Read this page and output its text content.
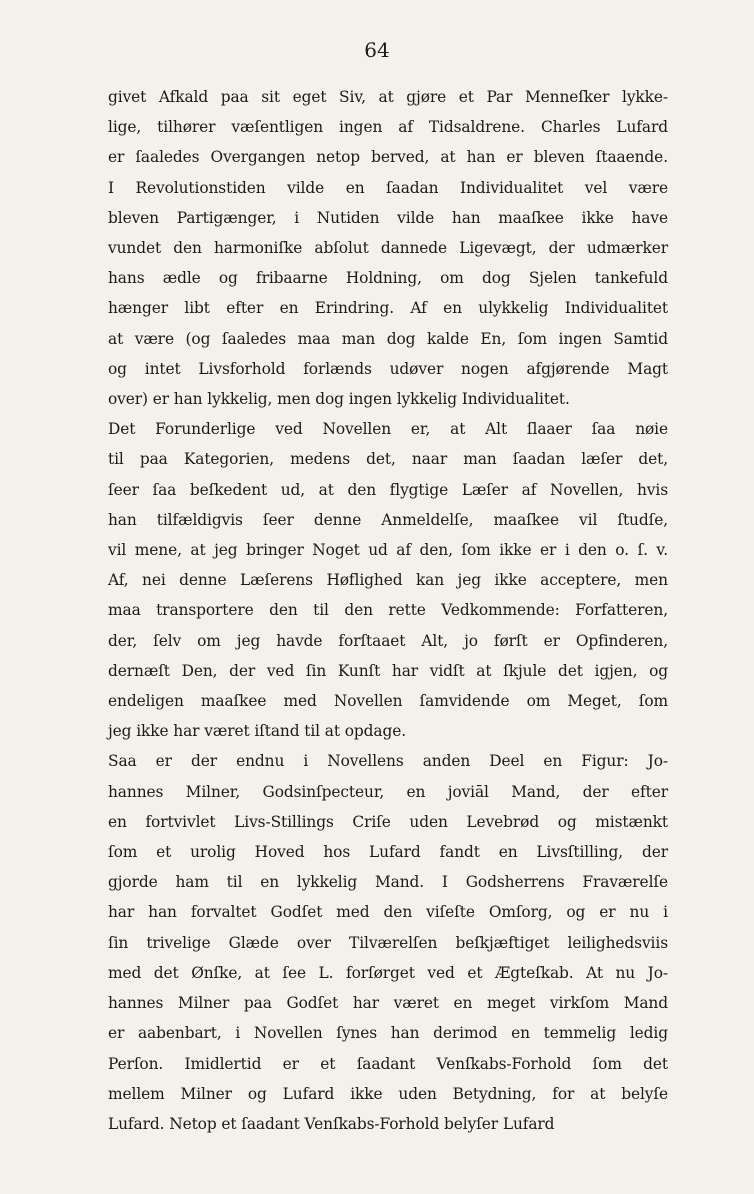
64
givet Afkald paa sit eget Siv, at gjøre et Par Menneſker lykke-
lige, tilhører væſentligen ingen af Tidsaldrene. Charles Lufard
er ſaaledes Overgangen netop berved, at han er bleven ſtaaende.
I Revolutionstiden vilde en ſaadan Individualitet vel være
bleven Partigænger, i Nutiden vilde han maaſkee ikke have
vundet den harmoniſke abſolut dannede Ligevægt, der udmærker
hans ædle og fribaarne Holdning, om dog Sjelen tankefuld
hænger libt efter en Erindring. Af en ulykkelig Individualitet
at være (og ſaaledes maa man dog kalde En, ſom ingen Samtid
og intet Livsforhold forlænds udøver nogen afgjørende Magt
over) er han lykkelig, men dog ingen lykkelig Individualitet.
Det Forunderlige ved Novellen er, at Alt ſlaaer ſaa nøie
til paa Kategorien, medens det, naar man ſaadan læſer det,
ſeer ſaa beſkedent ud, at den flygtige Læſer af Novellen, hvis
han tilfældigvis ſeer denne Anmeldelſe, maaſkee vil ſtudſe,
vil mene, at jeg bringer Noget ud af den, ſom ikke er i den o. ſ. v.
Af, nei denne Læſerens Høflighed kan jeg ikke acceptere, men
maa transportere den til den rette Vedkommende: Forfatteren,
der, ſelv om jeg havde forſtaaet Alt, jo førſt er Opfinderen,
dernæſt Den, der ved ſin Kunſt har vidſt at ſkjule det igjen, og
endeligen maaſkee med Novellen ſamvidende om Meget, ſom
jeg ikke har været iſtand til at opdage.
Saa er der endnu i Novellens anden Deel en Figur: Jo-
hannes Milner, Godsinſpecteur, en joviāl Mand, der efter
en fortvivlet Livs-Stillings Criſe uden Levebrød og mistænkt
ſom et urolig Hoved hos Lufard fandt en Livsſtilling, der
gjorde ham til en lykkelig Mand. I Godsherrens Fraværelſe
har han forvaltet Godſet med den viſeſte Omſorg, og er nu i
ſin trivelige Glæde over Tilværelſen beſkjæftiget leilighedsviis
med det Ønſke, at ſee L. forſørget ved et Ægteſkab. At nu Jo-
hannes Milner paa Godſet har været en meget virkſom Mand
er aabenbart, i Novellen ſynes han derimod en temmelig ledig
Perſon. Imidlertid er et ſaadant Venſkabs-Forhold ſom det
mellem Milner og Lufard ikke uden Betydning, for at belyſe
Lufard. Netop et ſaadant Venſkabs-Forhold belyſer Lufard
